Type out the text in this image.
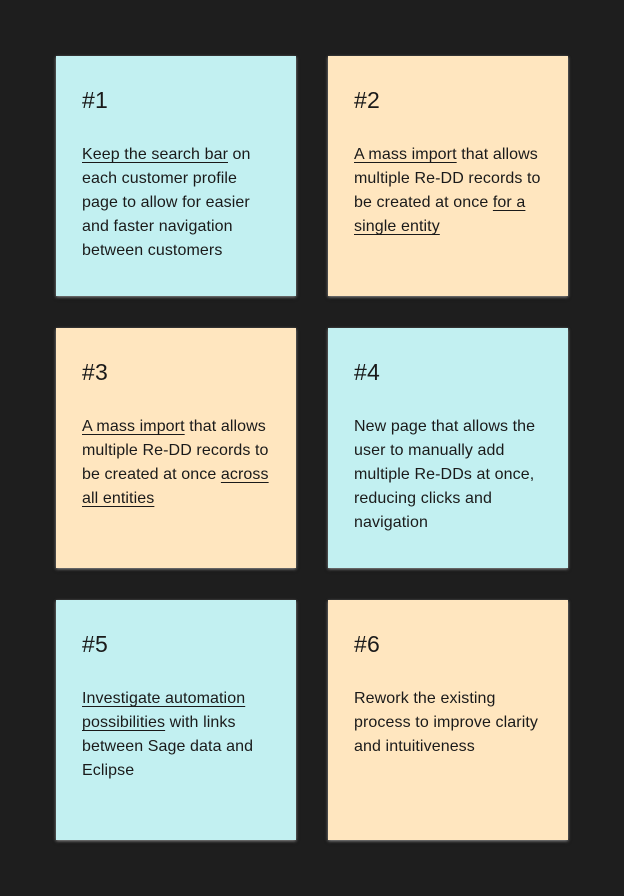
#1

Keep the search bar on each customer profile page to allow for easier and faster navigation between customers

#2

A mass import that allows multiple Re-DD records to be created at once for a single entity

#3

A mass import that allows multiple Re-DD records to be created at once across all entities

#4

New page that allows the user to manually add multiple Re-DDs at once, reducing clicks and navigation

#5

Investigate automation possibilities with links between Sage data and Eclipse

#6

Rework the existing process to improve clarity and intuitiveness
